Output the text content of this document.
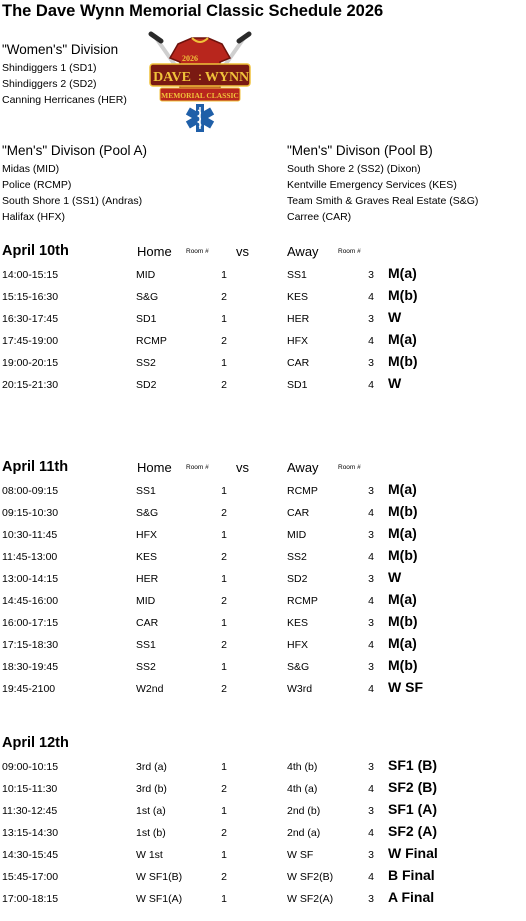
The Dave Wynn Memorial Classic Schedule 2026
"Women's" Division
Shindiggers 1 (SD1)
Shindiggers 2 (SD2)
Canning Herricanes (HER)
2026
DAVE : WYNN
MEMORIAL CLASSIC
"Men's" Divison (Pool A)
Midas (MID)
Police (RCMP)
South Shore 1 (SS1) (Andras)
Halifax (HFX)
"Men's" Divison (Pool B)
South Shore 2 (SS2) (Dixon)
Kentville Emergency Services (KES)
Team Smith & Graves Real Estate (S&G)
Carree (CAR)
April 10th	Home Room # vs	Away	Room #
14:00-15:15	MID	1	SS1	3 M(a)
15:15-16:30	S&G	2	KES	4 M(b)
16:30-17:45	SD1	1	HER	3 W
17:45-19:00	RCMP	2	HFX	4 M(a)
19:00-20:15	SS2	1	CAR	3 M(b)
20:15-21:30	SD2	2	SD1	4 W
April 11th	Home Room # vs	Away	Room #
08:00-09:15	SS1	1	RCMP	3 M(a)
09:15-10:30	S&G	2	CAR	4 M(b)
10:30-11:45	HFX	1	MID	3 M(a)
11:45-13:00	KES	2	SS2	4 M(b)
13:00-14:15	HER	1	SD2	3 W
14:45-16:00	MID	2	RCMP	4 M(a)
16:00-17:15	CAR	1	KES	3 M(b)
17:15-18:30	SS1	2	HFX	4 M(a)
18:30-19:45	SS2	1	S&G	3 M(b)
19:45-2100	W2nd	2	W3rd	4 W SF
April 12th
09:00-10:15	3rd (a)	1	4th (b)	3 SF1 (B)
10:15-11:30	3rd (b)	2	4th (a)	4 SF2 (B)
11:30-12:45	1st (a)	1	2nd (b)	3 SF1 (A)
13:15-14:30	1st (b)	2	2nd (a)	4 SF2 (A)
14:30-15:45	W 1st	1	W SF	3 W Final
15:45-17:00	W SF1(B)	2	W SF2(B)	4 B Final
17:00-18:15	W SF1(A)	1	W SF2(A)	3 A Final
